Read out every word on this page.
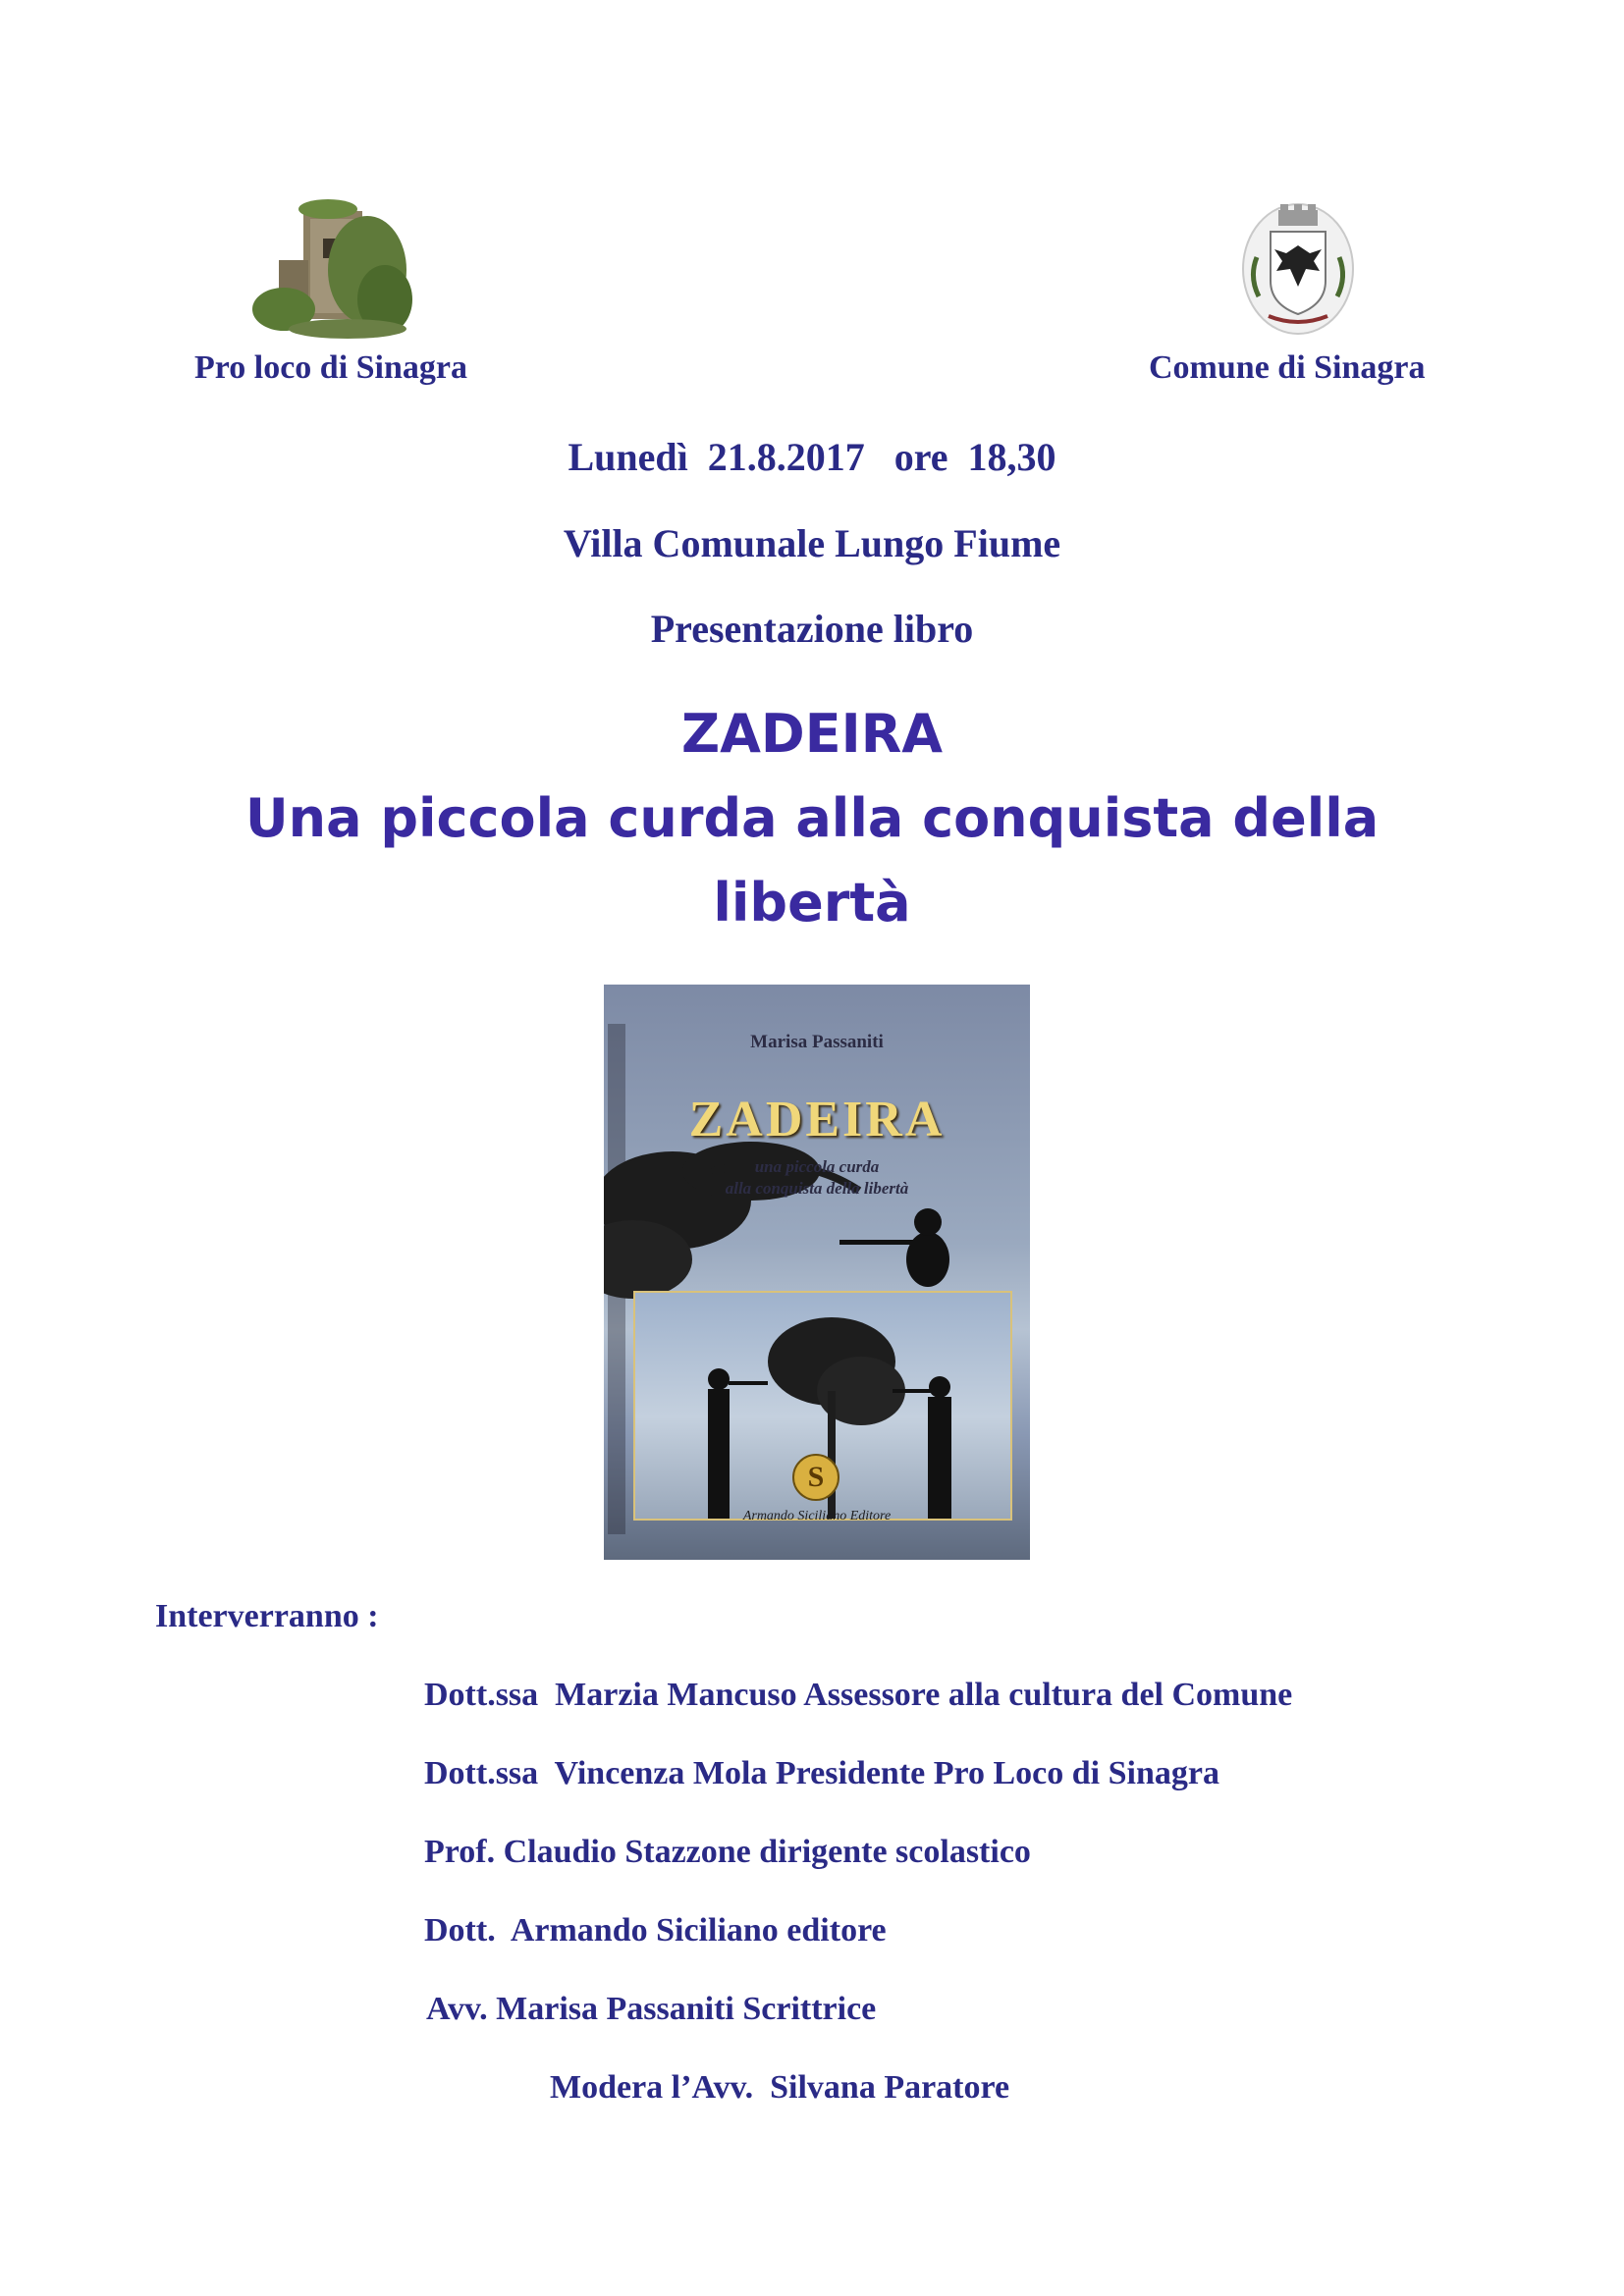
Pro loco di Sinagra	Comune di Sinagra
Lunedì  21.8.2017   ore  18,30
Villa Comunale Lungo Fiume
Presentazione libro
ZADEIRA
Una piccola curda alla conquista della
libertà
Marisa Passaniti
ZADEIRA
una piccola curda
alla conquista della libertà
S
Armando Siciliano Editore
Interverranno :
Dott.ssa  Marzia Mancuso Assessore alla cultura del Comune
Dott.ssa  Vincenza Mola Presidente Pro Loco di Sinagra
Prof. Claudio Stazzone dirigente scolastico
Dott.  Armando Siciliano editore
Avv. Marisa Passaniti Scrittrice
Modera l’Avv.  Silvana Paratore
